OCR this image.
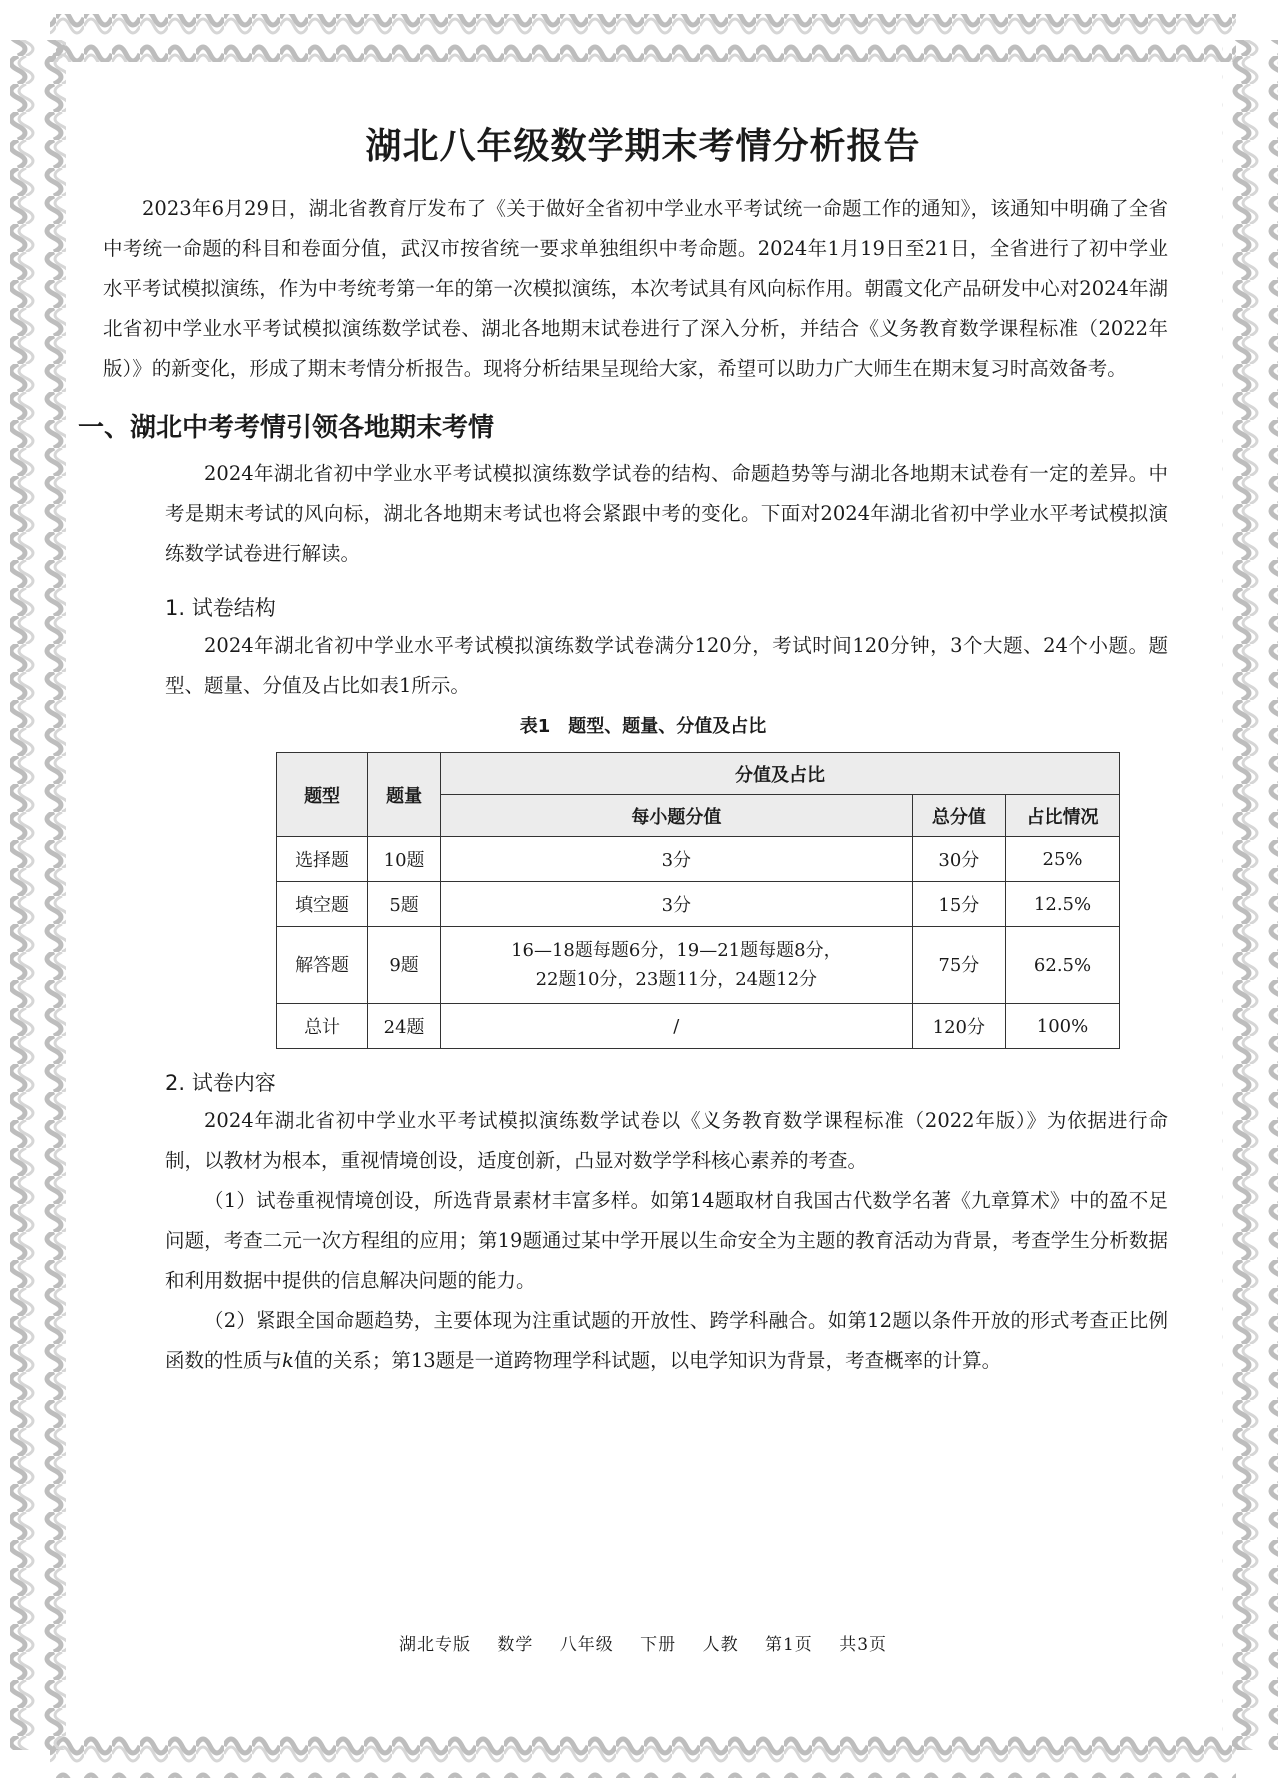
湖北八年级数学期末考情分析报告

2023年6月29日，湖北省教育厅发布了《关于做好全省初中学业水平考试统一命题工作的通知》，该通知中明确了全省中考统一命题的科目和卷面分值，武汉市按省统一要求单独组织中考命题。2024年1月19日至21日，全省进行了初中学业水平考试模拟演练，作为中考统考第一年的第一次模拟演练，本次考试具有风向标作用。朝霞文化产品研发中心对2024年湖北省初中学业水平考试模拟演练数学试卷、湖北各地期末试卷进行了深入分析，并结合《义务教育数学课程标准（2022年版）》的新变化，形成了期末考情分析报告。现将分析结果呈现给大家，希望可以助力广大师生在期末复习时高效备考。

一、湖北中考考情引领各地期末考情

2024年湖北省初中学业水平考试模拟演练数学试卷的结构、命题趋势等与湖北各地期末试卷有一定的差异。中考是期末考试的风向标，湖北各地期末考试也将会紧跟中考的变化。下面对2024年湖北省初中学业水平考试模拟演练数学试卷进行解读。

1. 试卷结构

2024年湖北省初中学业水平考试模拟演练数学试卷满分120分，考试时间120分钟，3个大题、24个小题。题型、题量、分值及占比如表1所示。

表1　题型、题量、分值及占比
题型	题量	分值及占比		
		每小题分值	总分值	占比情况
选择题	10题	3分	30分	25%
填空题	5题	3分	15分	12.5%
解答题	9题	16—18题每题6分，19—21题每题8分，
22题10分，23题11分，24题12分	75分	62.5%
总计	24题	/	120分	100%
2. 试卷内容

2024年湖北省初中学业水平考试模拟演练数学试卷以《义务教育数学课程标准（2022年版）》为依据进行命制，以教材为根本，重视情境创设，适度创新，凸显对数学学科核心素养的考查。

（1）试卷重视情境创设，所选背景素材丰富多样。如第14题取材自我国古代数学名著《九章算术》中的盈不足问题，考查二元一次方程组的应用；第19题通过某中学开展以生命安全为主题的教育活动为背景，考查学生分析数据和利用数据中提供的信息解决问题的能力。

（2）紧跟全国命题趋势，主要体现为注重试题的开放性、跨学科融合。如第12题以条件开放的形式考查正比例函数的性质与k值的关系；第13题是一道跨物理学科试题，以电学知识为背景，考查概率的计算。

湖北专版 数学 八年级 下册 人教 第1页 共3页
